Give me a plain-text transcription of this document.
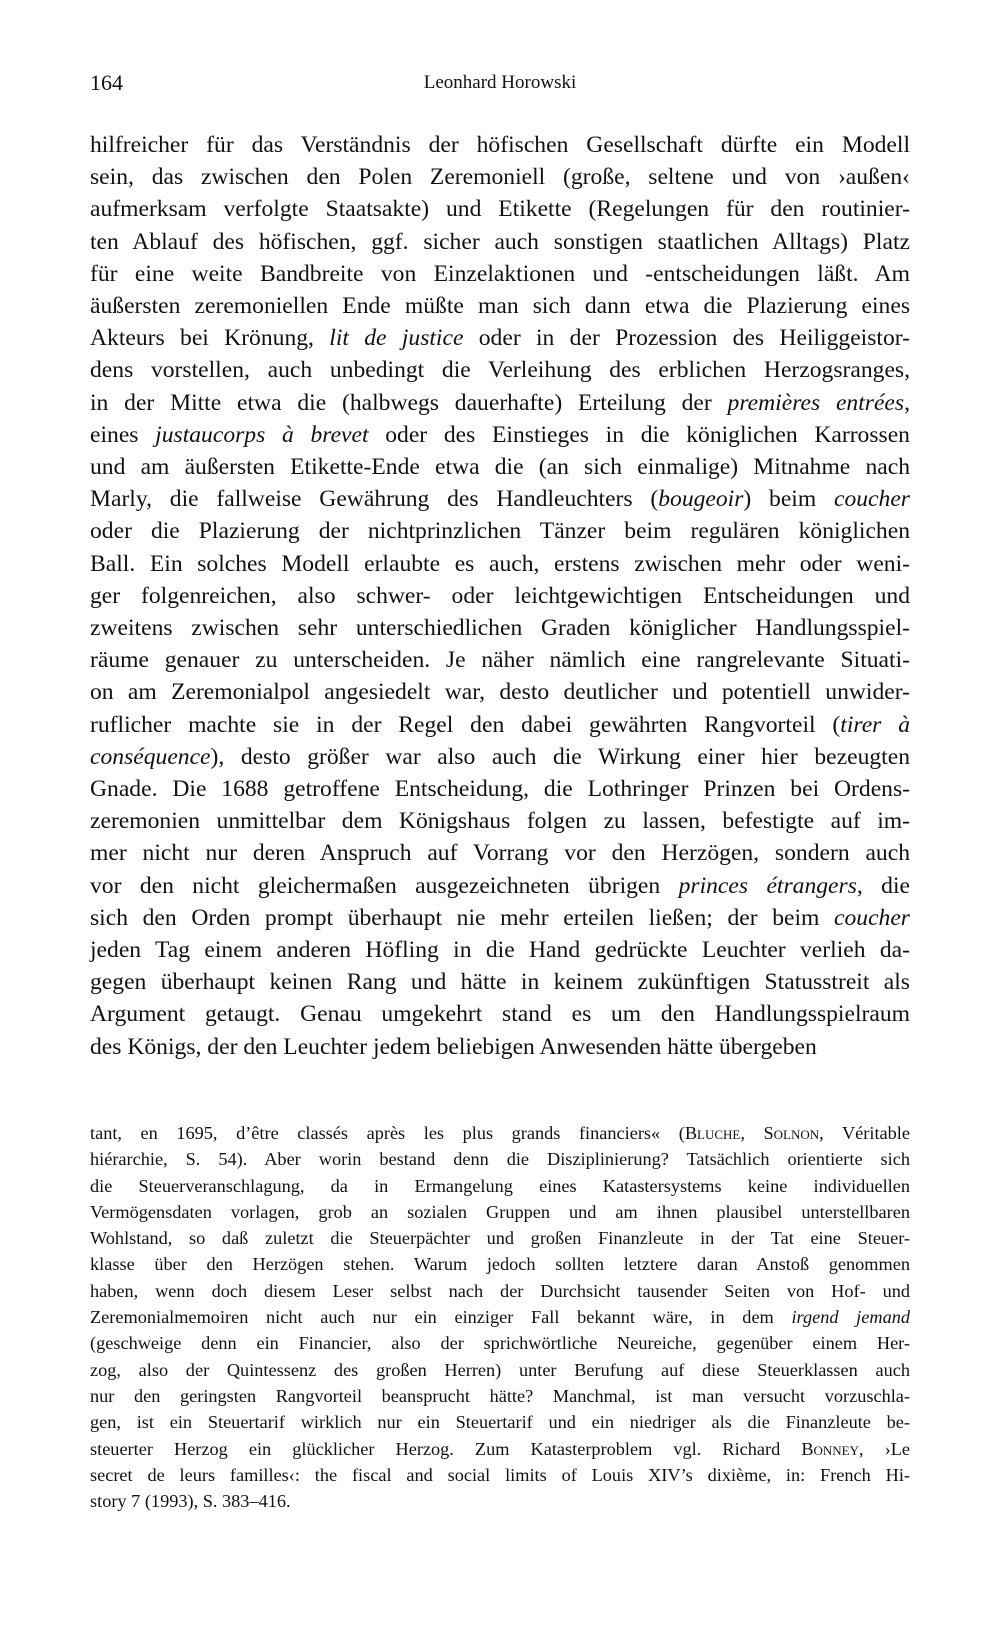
164	Leonhard Horowski
hilfreicher für das Verständnis der höfischen Gesellschaft dürfte ein Modell
sein, das zwischen den Polen Zeremoniell (große, seltene und von ›außen‹
aufmerksam verfolgte Staatsakte) und Etikette (Regelungen für den routinier-
ten Ablauf des höfischen, ggf. sicher auch sonstigen staatlichen Alltags) Platz
für eine weite Bandbreite von Einzelaktionen und -entscheidungen läßt. Am
äußersten zeremoniellen Ende müßte man sich dann etwa die Plazierung eines
Akteurs bei Krönung, lit de justice oder in der Prozession des Heiliggeistor-
dens vorstellen, auch unbedingt die Verleihung des erblichen Herzogsranges,
in der Mitte etwa die (halbwegs dauerhafte) Erteilung der premières entrées,
eines justaucorps à brevet oder des Einstieges in die königlichen Karrossen
und am äußersten Etikette-Ende etwa die (an sich einmalige) Mitnahme nach
Marly, die fallweise Gewährung des Handleuchters (bougeoir) beim coucher
oder die Plazierung der nichtprinzlichen Tänzer beim regulären königlichen
Ball. Ein solches Modell erlaubte es auch, erstens zwischen mehr oder weni-
ger folgenreichen, also schwer- oder leichtgewichtigen Entscheidungen und
zweitens zwischen sehr unterschiedlichen Graden königlicher Handlungsspiel-
räume genauer zu unterscheiden. Je näher nämlich eine rangrelevante Situati-
on am Zeremonialpol angesiedelt war, desto deutlicher und potentiell unwider-
ruflicher machte sie in der Regel den dabei gewährten Rangvorteil (tirer à
conséquence), desto größer war also auch die Wirkung einer hier bezeugten
Gnade. Die 1688 getroffene Entscheidung, die Lothringer Prinzen bei Ordens-
zeremonien unmittelbar dem Königshaus folgen zu lassen, befestigte auf im-
mer nicht nur deren Anspruch auf Vorrang vor den Herzögen, sondern auch
vor den nicht gleichermaßen ausgezeichneten übrigen princes étrangers, die
sich den Orden prompt überhaupt nie mehr erteilen ließen; der beim coucher
jeden Tag einem anderen Höfling in die Hand gedrückte Leuchter verlieh da-
gegen überhaupt keinen Rang und hätte in keinem zukünftigen Statusstreit als
Argument getaugt. Genau umgekehrt stand es um den Handlungsspielraum
des Königs, der den Leuchter jedem beliebigen Anwesenden hätte übergeben
tant, en 1695, d’être classés après les plus grands financiers« (Bluche, Solnon, Véritable
hiérarchie, S. 54). Aber worin bestand denn die Disziplinierung? Tatsächlich orientierte sich
die Steuerveranschlagung, da in Ermangelung eines Katastersystems keine individuellen
Vermögensdaten vorlagen, grob an sozialen Gruppen und am ihnen plausibel unterstellbaren
Wohlstand, so daß zuletzt die Steuerpächter und großen Finanzleute in der Tat eine Steuer-
klasse über den Herzögen stehen. Warum jedoch sollten letztere daran Anstoß genommen
haben, wenn doch diesem Leser selbst nach der Durchsicht tausender Seiten von Hof- und
Zeremonialmemoiren nicht auch nur ein einziger Fall bekannt wäre, in dem irgend jemand
(geschweige denn ein Financier, also der sprichwörtliche Neureiche, gegenüber einem Her-
zog, also der Quintessenz des großen Herren) unter Berufung auf diese Steuerklassen auch
nur den geringsten Rangvorteil beansprucht hätte? Manchmal, ist man versucht vorzuschla-
gen, ist ein Steuertarif wirklich nur ein Steuertarif und ein niedriger als die Finanzleute be-
steuerter Herzog ein glücklicher Herzog. Zum Katasterproblem vgl. Richard Bonney, ›Le
secret de leurs familles‹: the fiscal and social limits of Louis XIV’s dixième, in: French Hi-
story 7 (1993), S. 383–416.
